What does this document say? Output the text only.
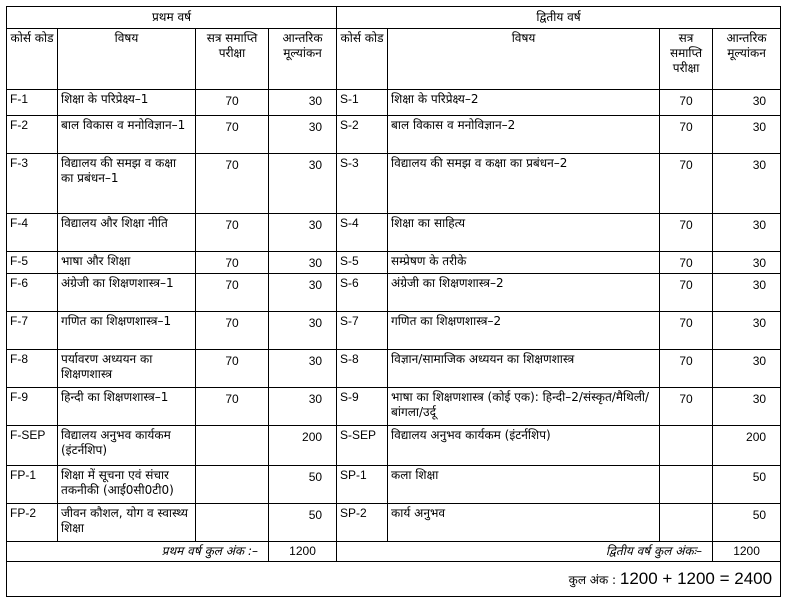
प्रथम वर्ष				द्वितीय वर्ष			
कोर्स कोड	विषय	सत्र समाप्ति परीक्षा	आन्तरिक मूल्यांकन	कोर्स कोड	विषय	सत्र समाप्ति परीक्षा	आन्तरिक मूल्यांकन
F-1	शिक्षा के परिप्रेक्ष्य–1	70	30	S-1	शिक्षा के परिप्रेक्ष्य–2	70	30
F-2	बाल विकास व मनोविज्ञान–1	70	30	S-2	बाल विकास व मनोविज्ञान–2	70	30
F-3	विद्यालय की समझ व कक्षा का प्रबंधन–1	70	30	S-3	विद्यालय की समझ व कक्षा का प्रबंधन–2	70	30
F-4	विद्यालय और शिक्षा नीति	70	30	S-4	शिक्षा का साहित्य	70	30
F-5	भाषा और शिक्षा	70	30	S-5	सम्प्रेषण के तरीके	70	30
F-6	अंग्रेजी का शिक्षणशास्त्र–1	70	30	S-6	अंग्रेजी का शिक्षणशास्त्र–2	70	30
F-7	गणित का शिक्षणशास्त्र–1	70	30	S-7	गणित का शिक्षणशास्त्र–2	70	30
F-8	पर्यावरण अध्ययन का शिक्षणशास्त्र	70	30	S-8	विज्ञान/सामाजिक अध्ययन का शिक्षणशास्त्र	70	30
F-9	हिन्दी का शिक्षणशास्त्र–1	70	30	S-9	भाषा का शिक्षणशास्त्र (कोई एक): हिन्दी–2/संस्कृत/मैथिली/बांगला/उर्दू	70	30
F-SEP	विद्यालय अनुभव कार्यकम (इंटर्नशिप)		200	S-SEP	विद्यालय अनुभव कार्यकम (इंटर्नशिप)		200
FP-1	शिक्षा में सूचना एवं संचार तकनीकी (आई0सी0टी0)		50	SP-1	कला शिक्षा		50
FP-2	जीवन कौशल, योग व स्वास्थ्य शिक्षा		50	SP-2	कार्य अनुभव		50
प्रथम वर्ष कुल अंक :–			1200	द्वितीय वर्ष कुल अंकः–			1200
कुल अंक : 1200 + 1200 = 2400							
